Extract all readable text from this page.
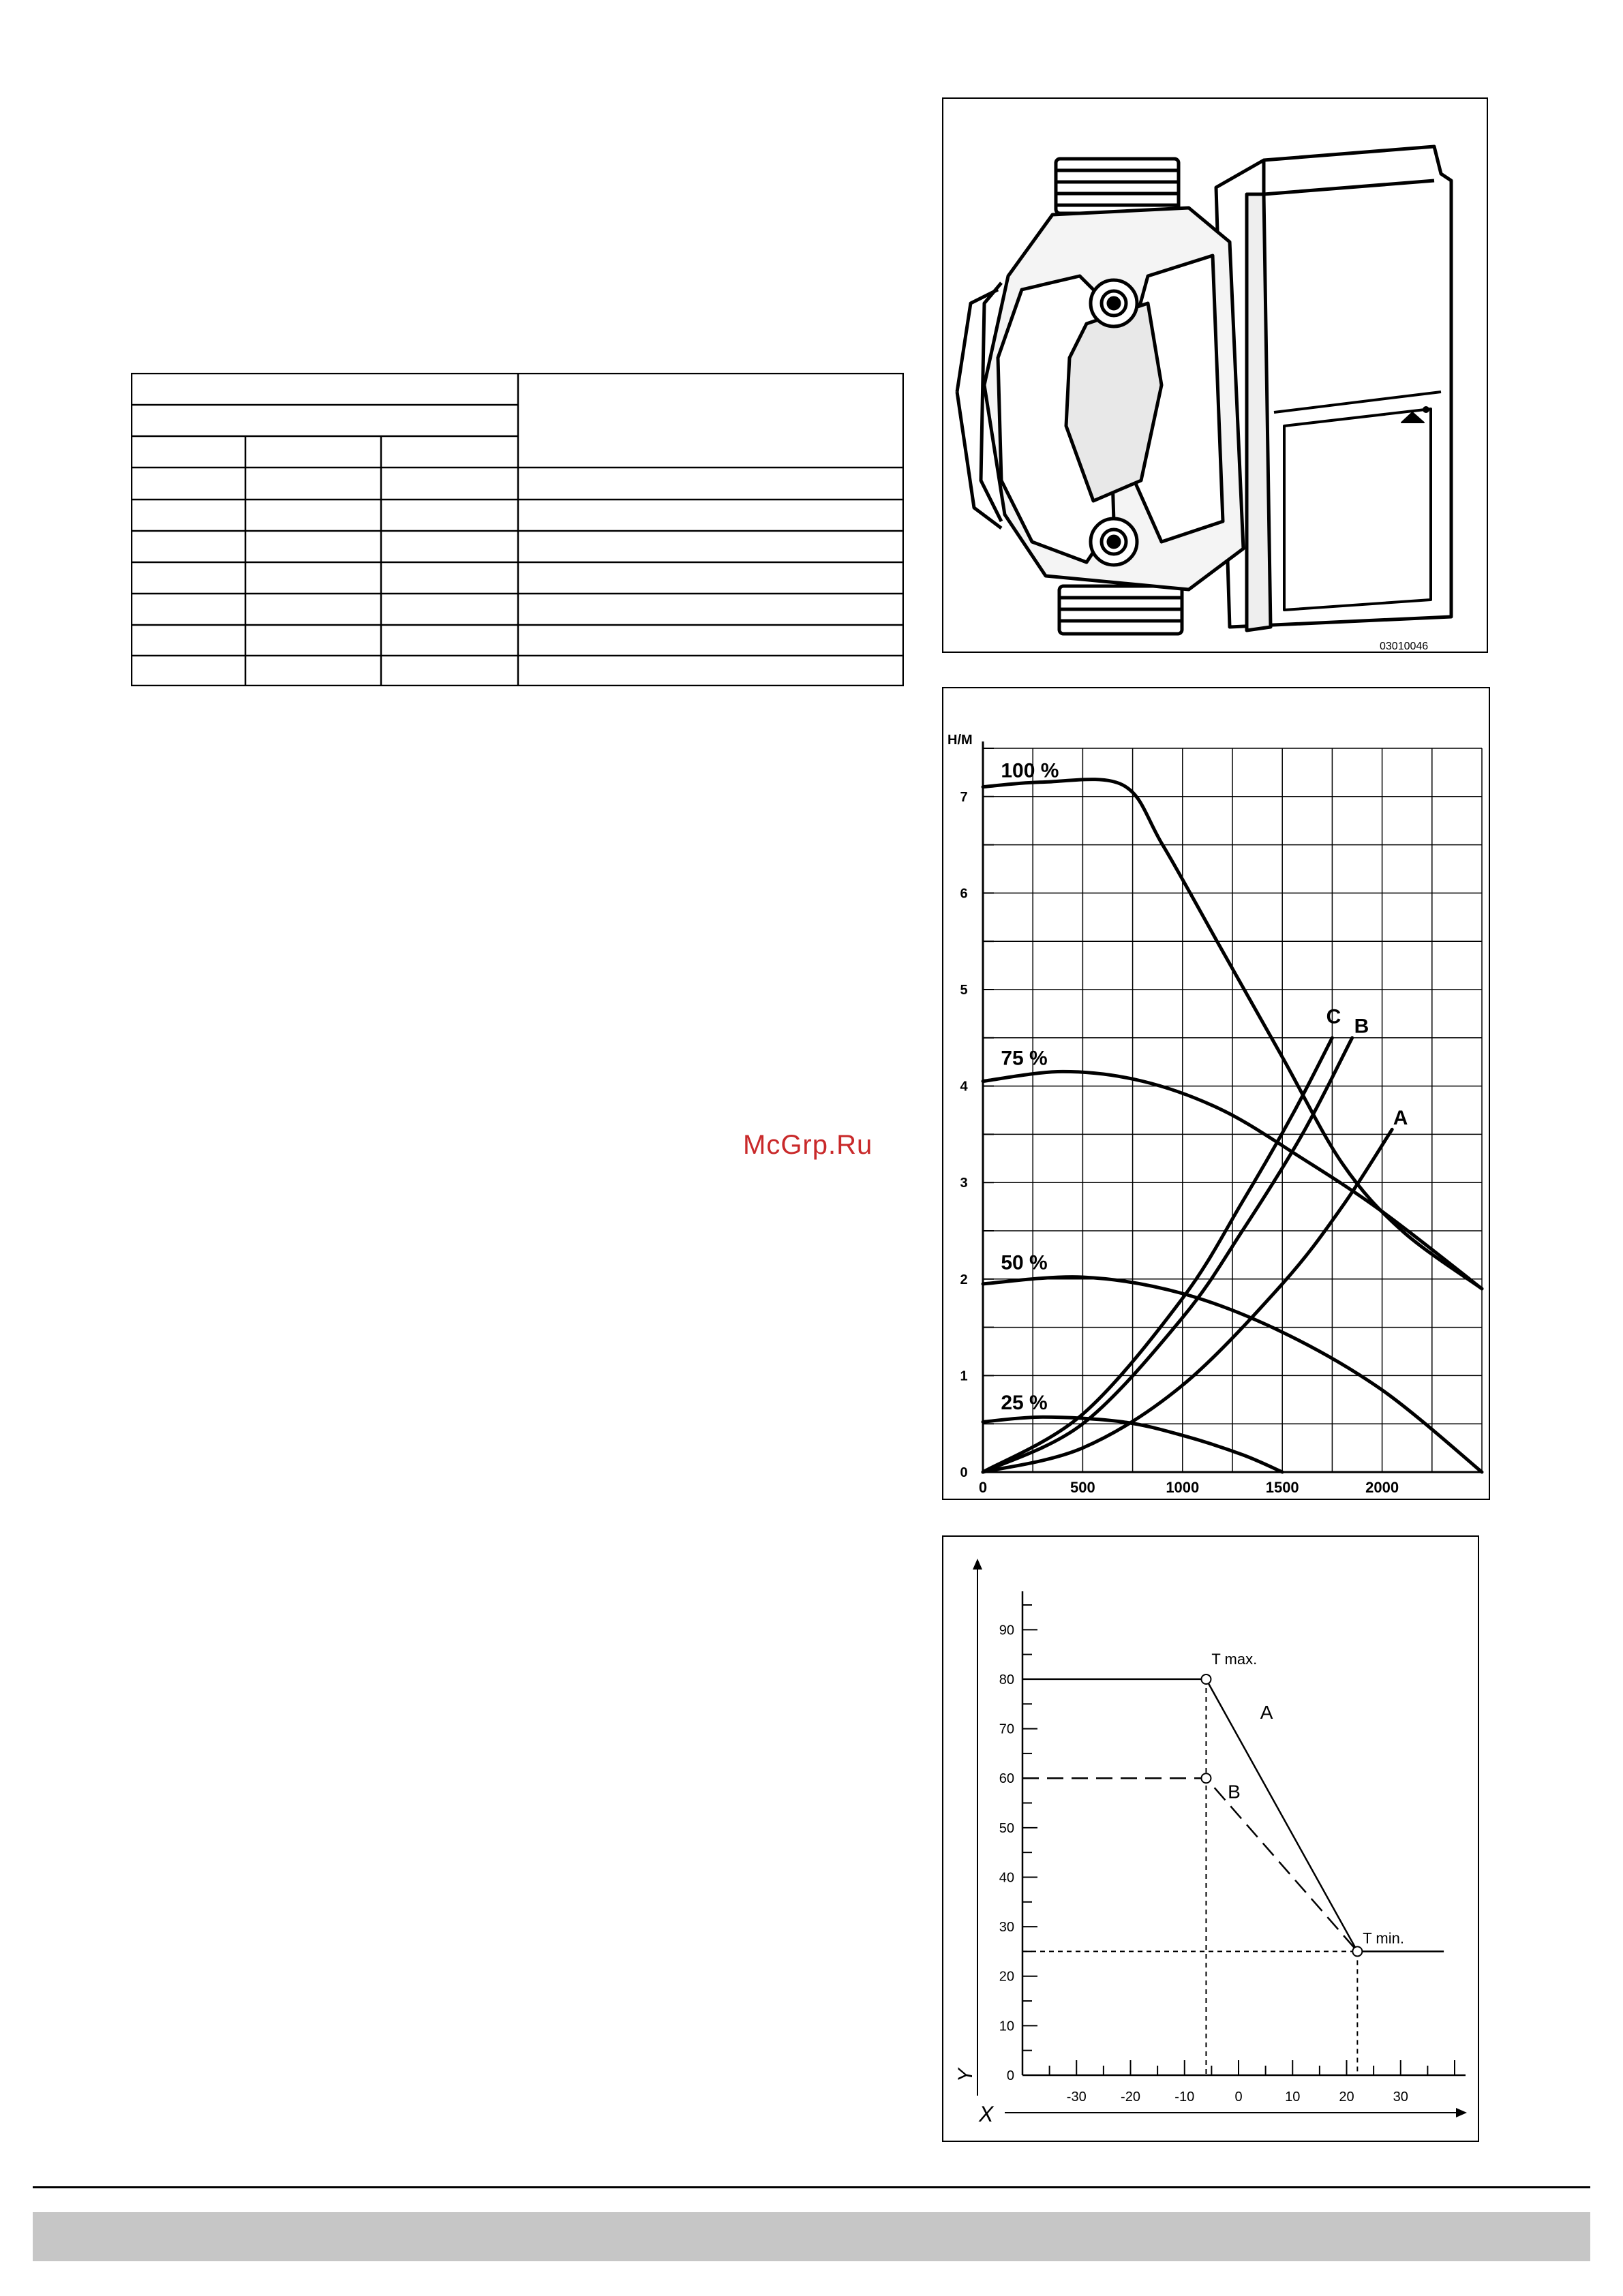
03010046
H/M
0
1
2
3
4
5
6
7
0	500	1000	1500	2000
100 %
75 %
50 %
25 %
A
B
C
Y
X
0
10
20
30
40
50
60
70
80
90
-30	-20	-10	0	10	20	30
T max.
T min.
A
B
McGrp.Ru
